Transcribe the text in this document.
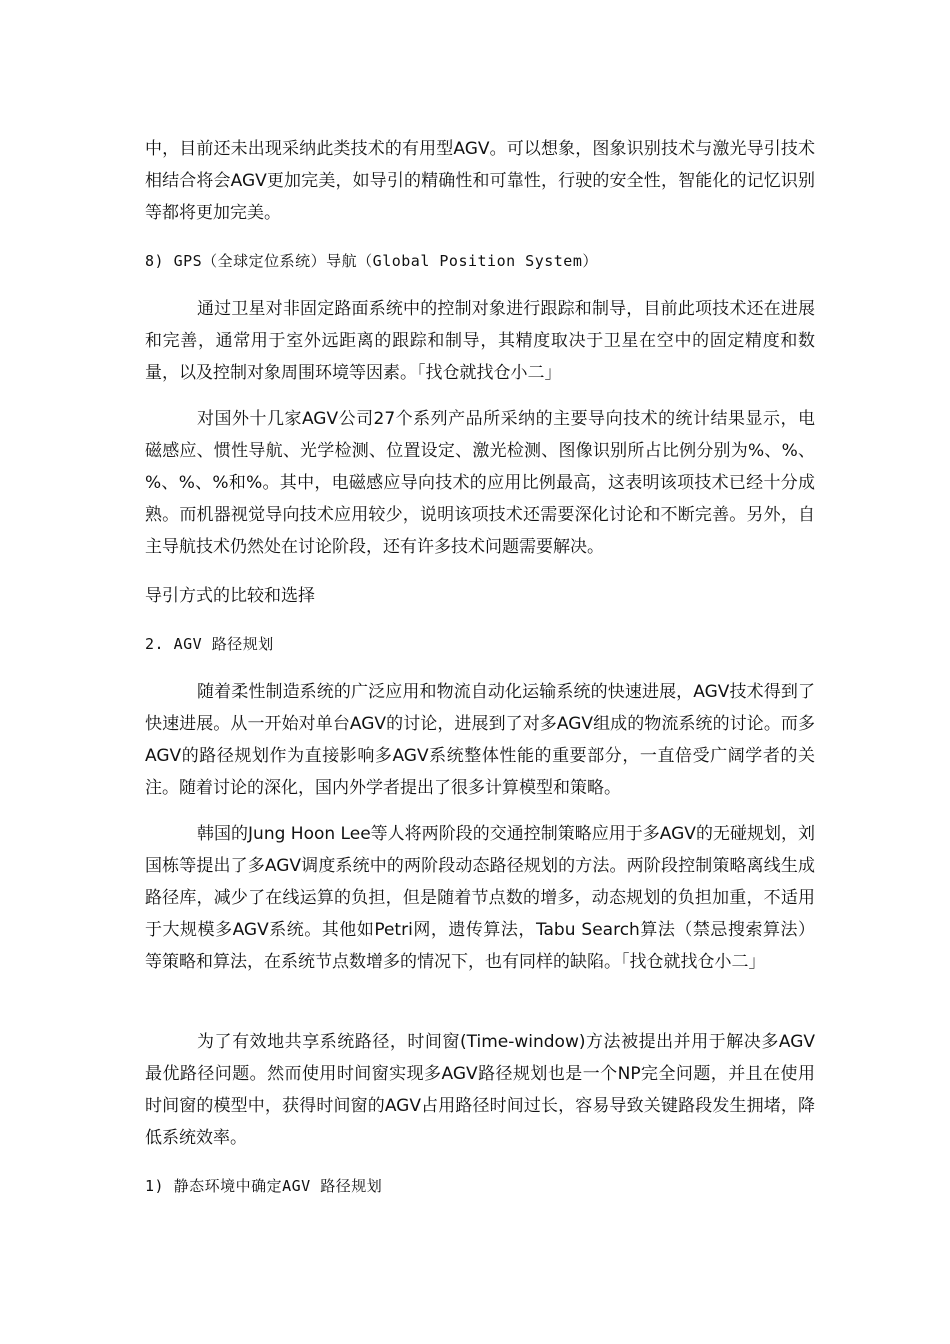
中，目前还未出现采纳此类技术的有用型AGV。可以想象，图象识别技术与激光导引技术相结合将会AGV更加完美，如导引的精确性和可靠性，行驶的安全性，智能化的记忆识别等都将更加完美。

8) GPS（全球定位系统）导航（Global Position System）

通过卫星对非固定路面系统中的控制对象进行跟踪和制导，目前此项技术还在进展和完善，通常用于室外远距离的跟踪和制导，其精度取决于卫星在空中的固定精度和数量，以及控制对象周围环境等因素。「找仓就找仓小二」

对国外十几家AGV公司27个系列产品所采纳的主要导向技术的统计结果显示，电磁感应、惯性导航、光学检测、位置设定、激光检测、图像识别所占比例分别为%、%、%、%、%和%。其中，电磁感应导向技术的应用比例最高，这表明该项技术已经十分成熟。而机器视觉导向技术应用较少，说明该项技术还需要深化讨论和不断完善。另外，自主导航技术仍然处在讨论阶段，还有许多技术问题需要解决。

导引方式的比较和选择

2. AGV 路径规划

随着柔性制造系统的广泛应用和物流自动化运输系统的快速进展，AGV技术得到了快速进展。从一开始对单台AGV的讨论，进展到了对多AGV组成的物流系统的讨论。而多AGV的路径规划作为直接影响多AGV系统整体性能的重要部分，一直倍受广阔学者的关注。随着讨论的深化，国内外学者提出了很多计算模型和策略。

韩国的Jung Hoon Lee等人将两阶段的交通控制策略应用于多AGV的无碰规划，刘国栋等提出了多AGV调度系统中的两阶段动态路径规划的方法。两阶段控制策略离线生成路径库，减少了在线运算的负担，但是随着节点数的增多，动态规划的负担加重，不适用于大规模多AGV系统。其他如Petri网，遗传算法，Tabu Search算法（禁忌搜索算法）等策略和算法，在系统节点数增多的情况下，也有同样的缺陷。「找仓就找仓小二」

为了有效地共享系统路径，时间窗(Time-window)方法被提出并用于解决多AGV最优路径问题。然而使用时间窗实现多AGV路径规划也是一个NP完全问题，并且在使用时间窗的模型中，获得时间窗的AGV占用路径时间过长，容易导致关键路段发生拥堵，降低系统效率。

1) 静态环境中确定AGV 路径规划
